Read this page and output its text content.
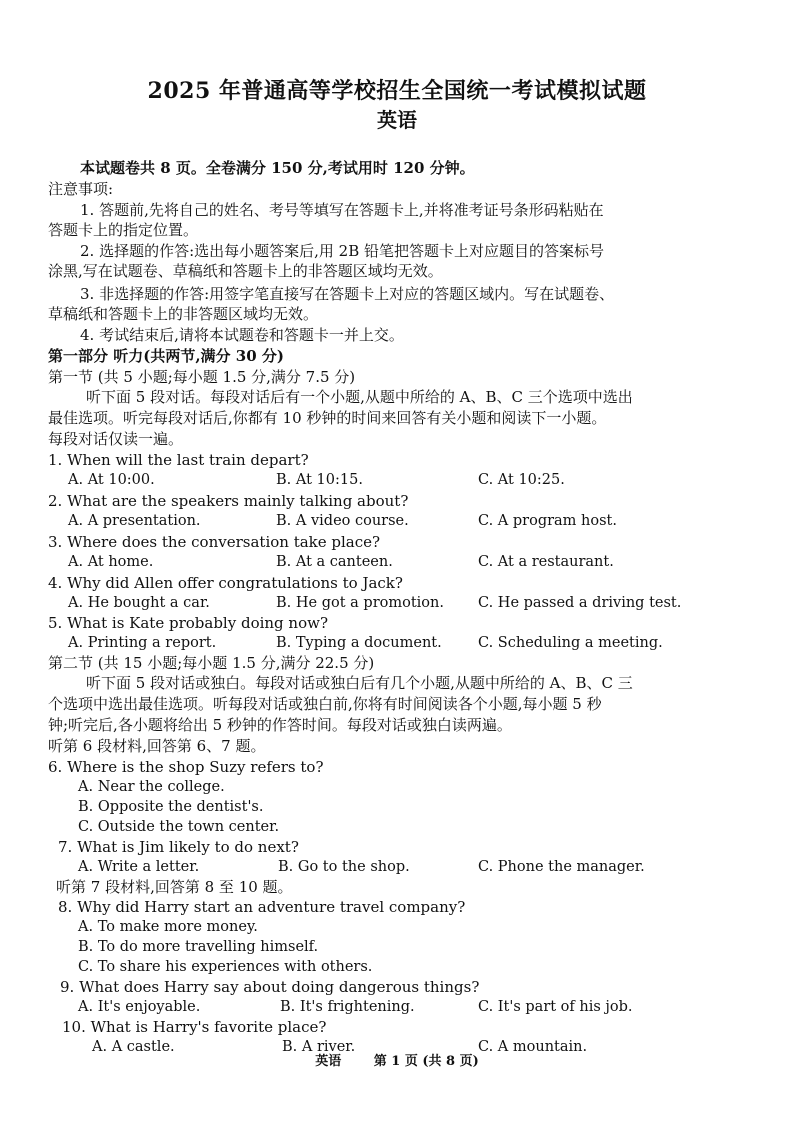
2025 年普通高等学校招生全国统一考试模拟试题
英语
本试题卷共 8 页。全卷满分 150 分,考试用时 120 分钟。
注意事项:
1. 答题前,先将自己的姓名、考号等填写在答题卡上,并将准考证号条形码粘贴在
答题卡上的指定位置。
2. 选择题的作答:选出每小题答案后,用 2B 铅笔把答题卡上对应题目的答案标号
涂黑,写在试题卷、草稿纸和答题卡上的非答题区域均无效。
3. 非选择题的作答:用签字笔直接写在答题卡上对应的答题区域内。写在试题卷、
草稿纸和答题卡上的非答题区域均无效。
4. 考试结束后,请将本试题卷和答题卡一并上交。
第一部分 听力(共两节,满分 30 分)
第一节 (共 5 小题;每小题 1.5 分,满分 7.5 分)
听下面 5 段对话。每段对话后有一个小题,从题中所给的 A、B、C 三个选项中选出
最佳选项。听完每段对话后,你都有 10 秒钟的时间来回答有关小题和阅读下一小题。
每段对话仅读一遍。
1. When will the last train depart?
A. At 10:00.	B. At 10:15.	C. At 10:25.
2. What are the speakers mainly talking about?
A. A presentation.	B. A video course.	C. A program host.
3. Where does the conversation take place?
A. At home.	B. At a canteen.	C. At a restaurant.
4. Why did Allen offer congratulations to Jack?
A. He bought a car.	B. He got a promotion. C. He passed a driving test.
5. What is Kate probably doing now?
A. Printing a report.	B. Typing a document.	C. Scheduling a meeting.
第二节 (共 15 小题;每小题 1.5 分,满分 22.5 分)
听下面 5 段对话或独白。每段对话或独白后有几个小题,从题中所给的 A、B、C 三
个选项中选出最佳选项。听每段对话或独白前,你将有时间阅读各个小题,每小题 5 秒
钟;听完后,各小题将给出 5 秒钟的作答时间。每段对话或独白读两遍。
听第 6 段材料,回答第 6、7 题。
6. Where is the shop Suzy refers to?
A. Near the college.
B. Opposite the dentist's.
C. Outside the town center.
7. What is Jim likely to do next?
A. Write a letter.	B. Go to the shop.	C. Phone the manager.
听第 7 段材料,回答第 8 至 10 题。
8. Why did Harry start an adventure travel company?
A. To make more money.
B. To do more travelling himself.
C. To share his experiences with others.
9. What does Harry say about doing dangerous things?
A. It's enjoyable.	B. It's frightening.	C. It's part of his job.
10. What is Harry's favorite place?
A. A castle.	B. A river.	C. A mountain.
英语	第 1 页 (共 8 页)
